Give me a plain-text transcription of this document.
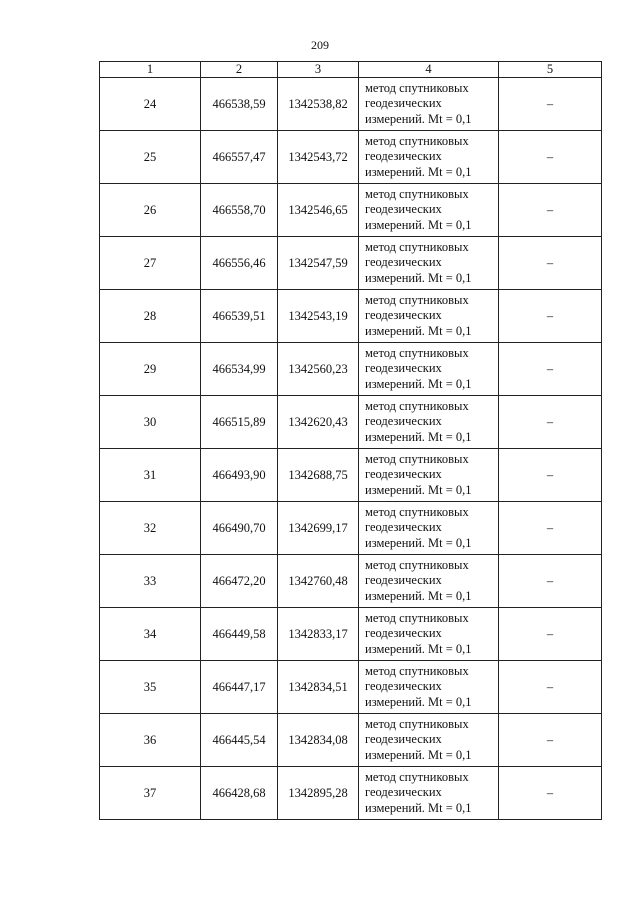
209
1	2	3	4	5
24	466538,59	1342538,82	метод спутниковых
геодезических
измерений. Mt = 0,1	–
25	466557,47	1342543,72	метод спутниковых
геодезических
измерений. Mt = 0,1	–
26	466558,70	1342546,65	метод спутниковых
геодезических
измерений. Mt = 0,1	–
27	466556,46	1342547,59	метод спутниковых
геодезических
измерений. Mt = 0,1	–
28	466539,51	1342543,19	метод спутниковых
геодезических
измерений. Mt = 0,1	–
29	466534,99	1342560,23	метод спутниковых
геодезических
измерений. Mt = 0,1	–
30	466515,89	1342620,43	метод спутниковых
геодезических
измерений. Mt = 0,1	–
31	466493,90	1342688,75	метод спутниковых
геодезических
измерений. Mt = 0,1	–
32	466490,70	1342699,17	метод спутниковых
геодезических
измерений. Mt = 0,1	–
33	466472,20	1342760,48	метод спутниковых
геодезических
измерений. Mt = 0,1	–
34	466449,58	1342833,17	метод спутниковых
геодезических
измерений. Mt = 0,1	–
35	466447,17	1342834,51	метод спутниковых
геодезических
измерений. Mt = 0,1	–
36	466445,54	1342834,08	метод спутниковых
геодезических
измерений. Mt = 0,1	–
37	466428,68	1342895,28	метод спутниковых
геодезических
измерений. Mt = 0,1	–
